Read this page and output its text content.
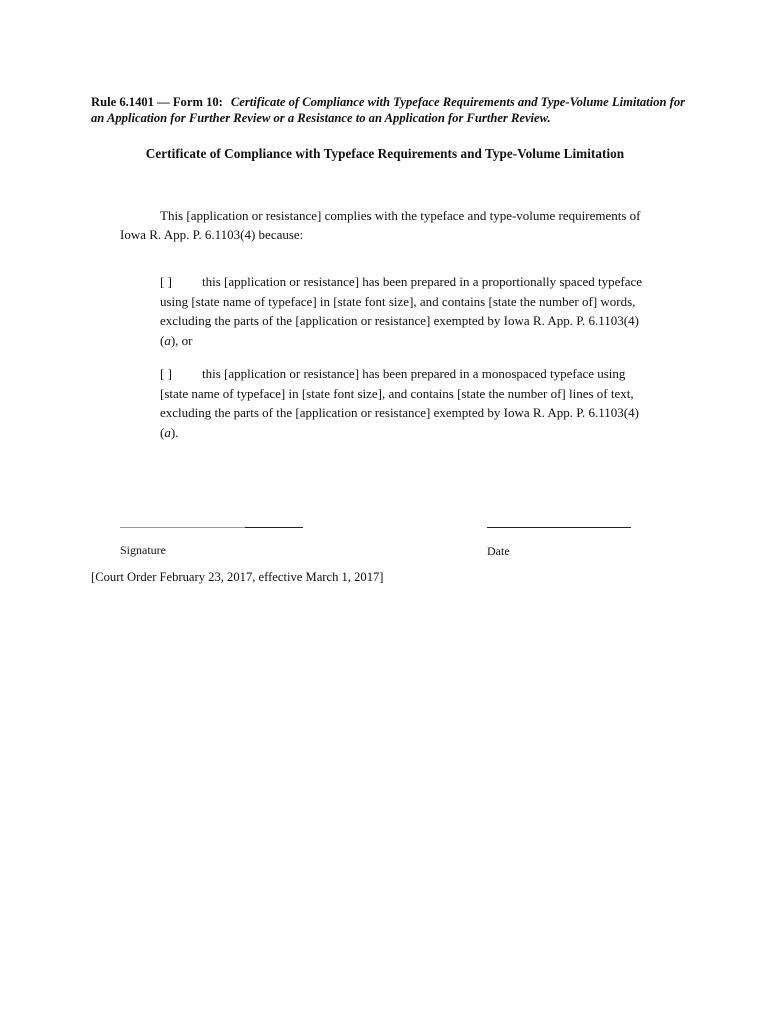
Rule 6.1401 — Form 10: Certificate of Compliance with Typeface Requirements and Type-Volume Limitation for an Application for Further Review or a Resistance to an Application for Further Review.
Certificate of Compliance with Typeface Requirements and Type-Volume Limitation
This [application or resistance] complies with the typeface and type-volume requirements of Iowa R. App. P. 6.1103(4) because:
[ ] this [application or resistance] has been prepared in a proportionally spaced typeface using [state name of typeface] in [state font size], and contains [state the number of] words, excluding the parts of the [application or resistance] exempted by Iowa R. App. P. 6.1103(4)(a), or
[ ] this [application or resistance] has been prepared in a monospaced typeface using [state name of typeface] in [state font size], and contains [state the number of] lines of text, excluding the parts of the [application or resistance] exempted by Iowa R. App. P. 6.1103(4)(a).
Signature	Date
[Court Order February 23, 2017, effective March 1, 2017]
